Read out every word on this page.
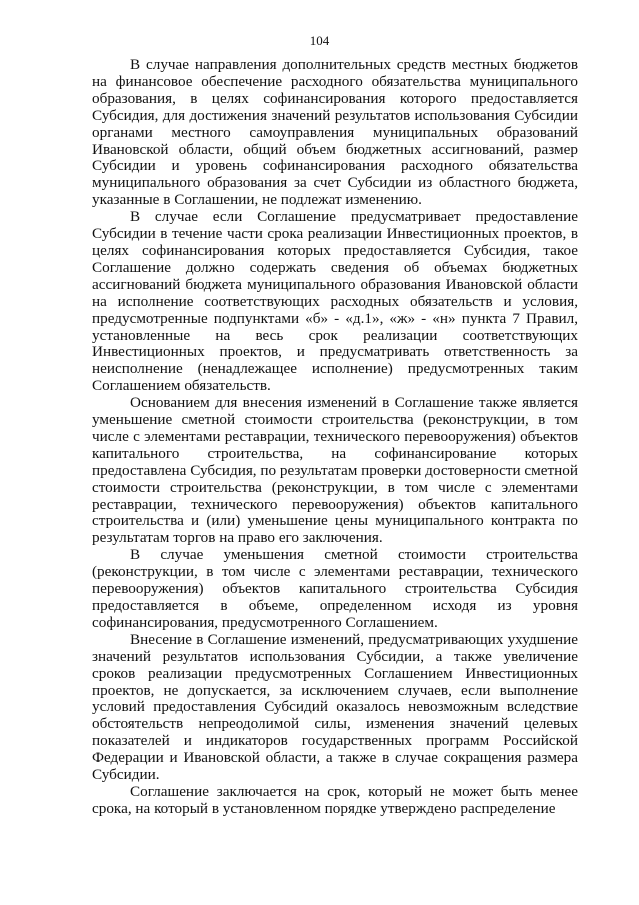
104

В случае направления дополнительных средств местных бюджетов на финансовое обеспечение расходного обязательства муниципального образования, в целях софинансирования которого предоставляется Субсидия, для достижения значений результатов использования Субсидии органами местного самоуправления муниципальных образований Ивановской области, общий объем бюджетных ассигнований, размер Субсидии и уровень софинансирования расходного обязательства муниципального образования за счет Субсидии из областного бюджета, указанные в Соглашении, не подлежат изменению.

В случае если Соглашение предусматривает предоставление Субсидии в течение части срока реализации Инвестиционных проектов, в целях софинансирования которых предоставляется Субсидия, такое Соглашение должно содержать сведения об объемах бюджетных ассигнований бюджета муниципального образования Ивановской области на исполнение соответствующих расходных обязательств и условия, предусмотренные подпунктами «б» - «д.1», «ж» - «н» пункта 7 Правил, установленные на весь срок реализации соответствующих Инвестиционных проектов, и предусматривать ответственность за неисполнение (ненадлежащее исполнение) предусмотренных таким Соглашением обязательств.

Основанием для внесения изменений в Соглашение также является уменьшение сметной стоимости строительства (реконструкции, в том числе с элементами реставрации, технического перевооружения) объектов капитального строительства, на софинансирование которых предоставлена Субсидия, по результатам проверки достоверности сметной стоимости строительства (реконструкции, в том числе с элементами реставрации, технического перевооружения) объектов капитального строительства и (или) уменьшение цены муниципального контракта по результатам торгов на право его заключения.

В случае уменьшения сметной стоимости строительства (реконструкции, в том числе с элементами реставрации, технического перевооружения) объектов капитального строительства Субсидия предоставляется в объеме, определенном исходя из уровня софинансирования, предусмотренного Соглашением.

Внесение в Соглашение изменений, предусматривающих ухудшение значений результатов использования Субсидии, а также увеличение сроков реализации предусмотренных Соглашением Инвестиционных проектов, не допускается, за исключением случаев, если выполнение условий предоставления Субсидий оказалось невозможным вследствие обстоятельств непреодолимой силы, изменения значений целевых показателей и индикаторов государственных программ Российской Федерации и Ивановской области, а также в случае сокращения размера Субсидии.

Соглашение заключается на срок, который не может быть менее срока, на который в установленном порядке утверждено распределение
